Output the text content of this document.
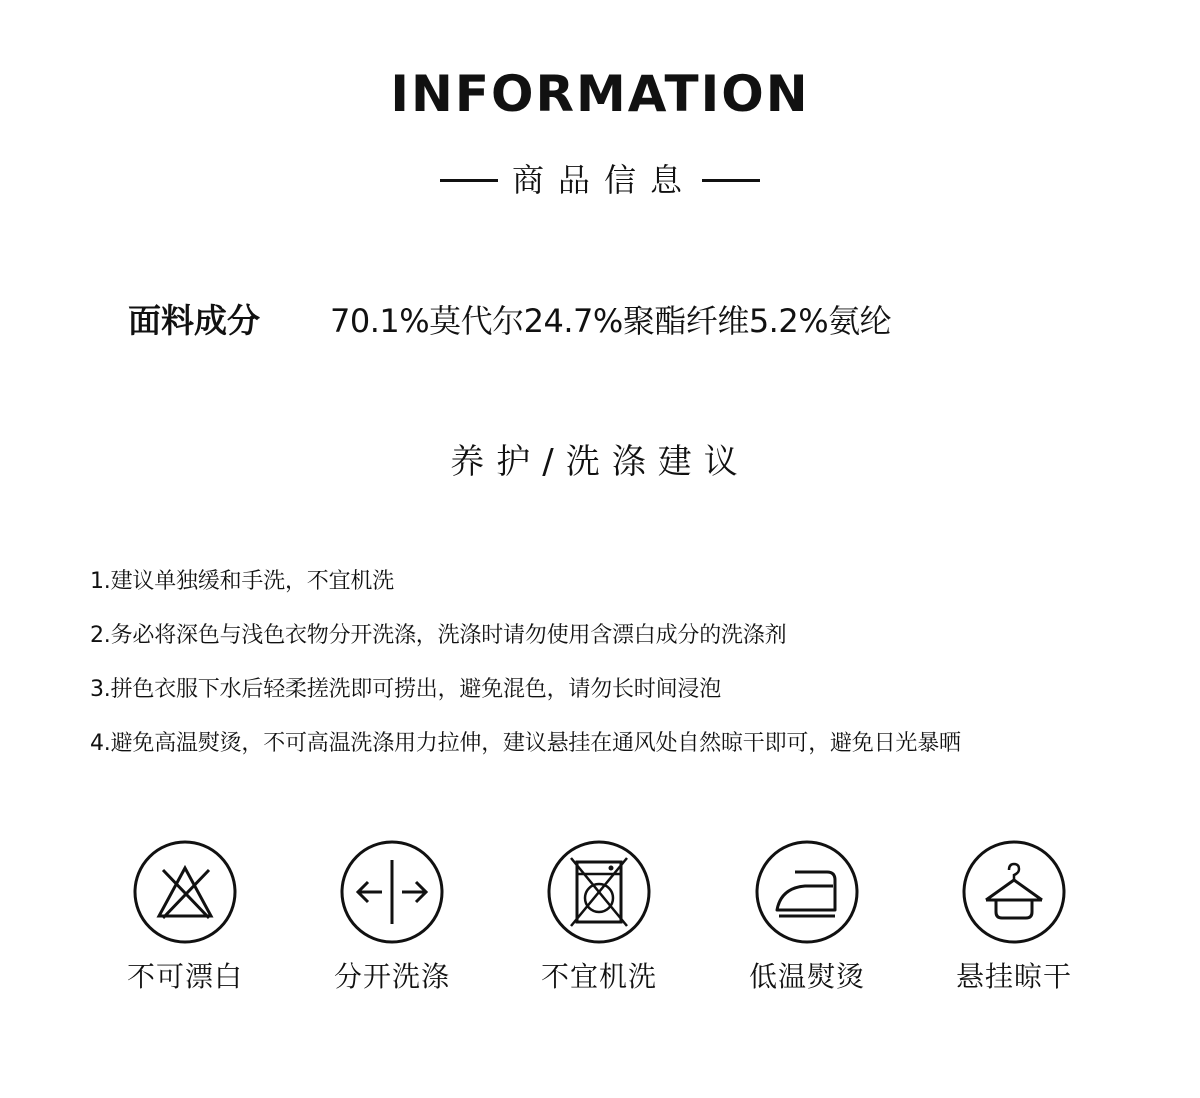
INFORMATION
商品信息
面料成分 70.1%莫代尔24.7%聚酯纤维5.2%氨纶
养护/洗涤建议
1.建议单独缓和手洗，不宜机洗
2.务必将深色与浅色衣物分开洗涤，洗涤时请勿使用含漂白成分的洗涤剂
3.拼色衣服下水后轻柔搓洗即可捞出，避免混色，请勿长时间浸泡
4.避免高温熨烫，不可高温洗涤用力拉伸，建议悬挂在通风处自然晾干即可，避免日光暴晒
不可漂白	分开洗涤	不宜机洗	低温熨烫	悬挂晾干
